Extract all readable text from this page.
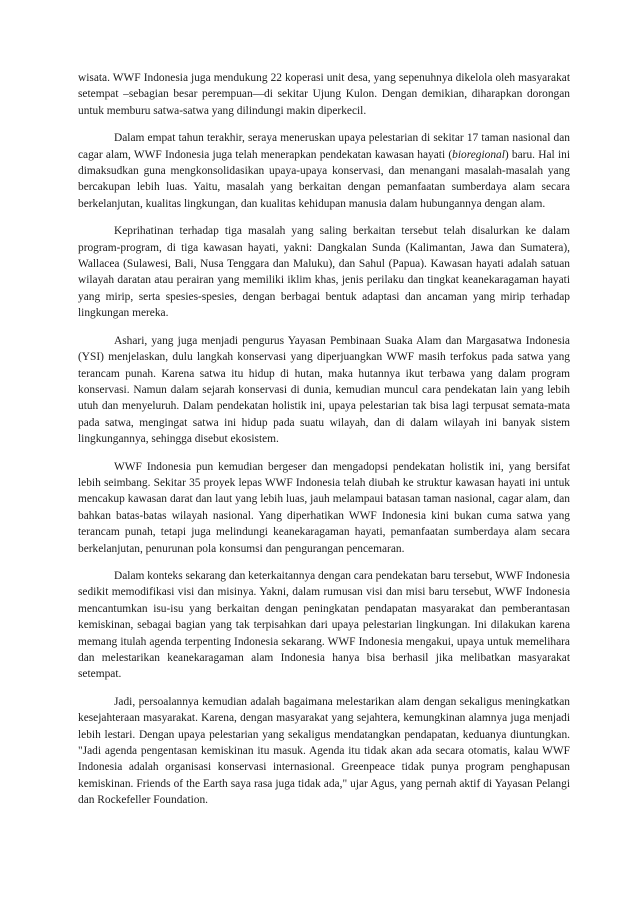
wisata. WWF Indonesia juga mendukung 22 koperasi unit desa, yang sepenuhnya dikelola oleh masyarakat setempat –sebagian besar perempuan—di sekitar Ujung Kulon. Dengan demikian, diharapkan dorongan untuk memburu satwa-satwa yang dilindungi makin diperkecil.

Dalam empat tahun terakhir, seraya meneruskan upaya pelestarian di sekitar 17 taman nasional dan cagar alam, WWF Indonesia juga telah menerapkan pendekatan kawasan hayati (bioregional) baru. Hal ini dimaksudkan guna mengkonsolidasikan upaya-upaya konservasi, dan menangani masalah-masalah yang bercakupan lebih luas. Yaitu, masalah yang berkaitan dengan pemanfaatan sumberdaya alam secara berkelanjutan, kualitas lingkungan, dan kualitas kehidupan manusia dalam hubungannya dengan alam.

Keprihatinan terhadap tiga masalah yang saling berkaitan tersebut telah disalurkan ke dalam program-program, di tiga kawasan hayati, yakni: Dangkalan Sunda (Kalimantan, Jawa dan Sumatera), Wallacea (Sulawesi, Bali, Nusa Tenggara dan Maluku), dan Sahul (Papua). Kawasan hayati adalah satuan wilayah daratan atau perairan yang memiliki iklim khas, jenis perilaku dan tingkat keanekaragaman hayati yang mirip, serta spesies-spesies, dengan berbagai bentuk adaptasi dan ancaman yang mirip terhadap lingkungan mereka.

Ashari, yang juga menjadi pengurus Yayasan Pembinaan Suaka Alam dan Margasatwa Indonesia (YSI) menjelaskan, dulu langkah konservasi yang diperjuangkan WWF masih terfokus pada satwa yang terancam punah. Karena satwa itu hidup di hutan, maka hutannya ikut terbawa yang dalam program konservasi. Namun dalam sejarah konservasi di dunia, kemudian muncul cara pendekatan lain yang lebih utuh dan menyeluruh. Dalam pendekatan holistik ini, upaya pelestarian tak bisa lagi terpusat semata-mata pada satwa, mengingat satwa ini hidup pada suatu wilayah, dan di dalam wilayah ini banyak sistem lingkungannya, sehingga disebut ekosistem.

WWF Indonesia pun kemudian bergeser dan mengadopsi pendekatan holistik ini, yang bersifat lebih seimbang. Sekitar 35 proyek lepas WWF Indonesia telah diubah ke struktur kawasan hayati ini untuk mencakup kawasan darat dan laut yang lebih luas, jauh melampaui batasan taman nasional, cagar alam, dan bahkan batas-batas wilayah nasional. Yang diperhatikan WWF Indonesia kini bukan cuma satwa yang terancam punah, tetapi juga melindungi keanekaragaman hayati, pemanfaatan sumberdaya alam secara berkelanjutan, penurunan pola konsumsi dan pengurangan pencemaran.

Dalam konteks sekarang dan keterkaitannya dengan cara pendekatan baru tersebut, WWF Indonesia sedikit memodifikasi visi dan misinya. Yakni, dalam rumusan visi dan misi baru tersebut, WWF Indonesia mencantumkan isu-isu yang berkaitan dengan peningkatan pendapatan masyarakat dan pemberantasan kemiskinan, sebagai bagian yang tak terpisahkan dari upaya pelestarian lingkungan. Ini dilakukan karena memang itulah agenda terpenting Indonesia sekarang. WWF Indonesia mengakui, upaya untuk memelihara dan melestarikan keanekaragaman alam Indonesia hanya bisa berhasil jika melibatkan masyarakat setempat.

Jadi, persoalannya kemudian adalah bagaimana melestarikan alam dengan sekaligus meningkatkan kesejahteraan masyarakat. Karena, dengan masyarakat yang sejahtera, kemungkinan alamnya juga menjadi lebih lestari. Dengan upaya pelestarian yang sekaligus mendatangkan pendapatan, keduanya diuntungkan. "Jadi agenda pengentasan kemiskinan itu masuk. Agenda itu tidak akan ada secara otomatis, kalau WWF Indonesia adalah organisasi konservasi internasional. Greenpeace tidak punya program penghapusan kemiskinan. Friends of the Earth saya rasa juga tidak ada," ujar Agus, yang pernah aktif di Yayasan Pelangi dan Rockefeller Foundation.
